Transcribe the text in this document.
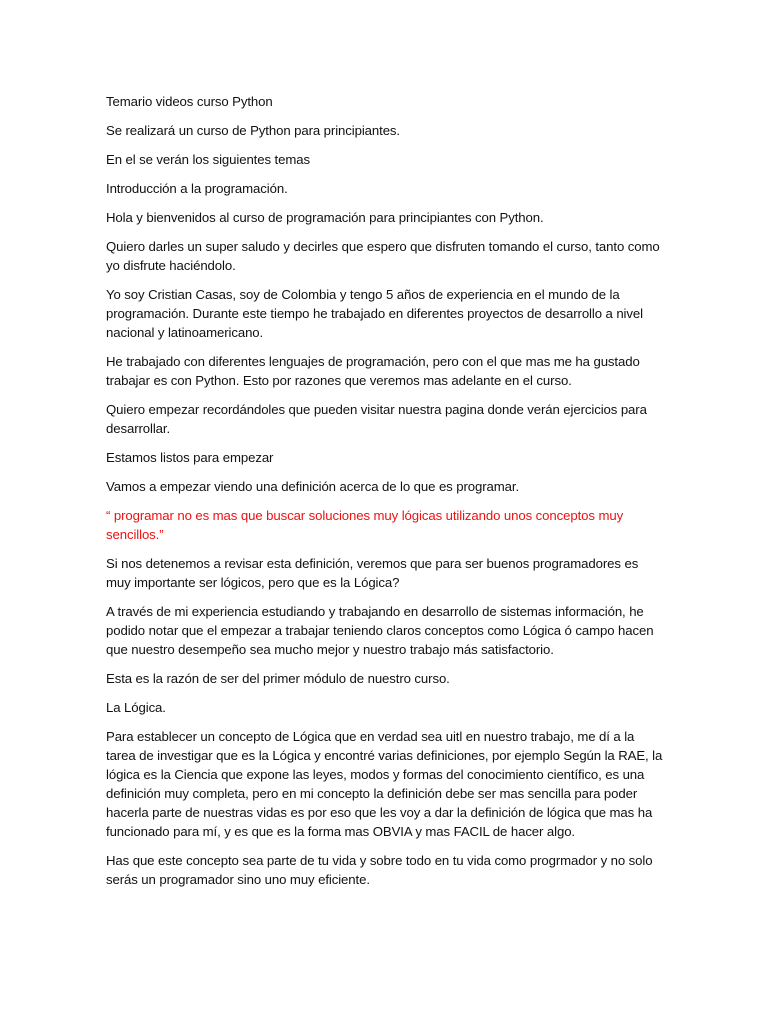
Temario videos curso Python

Se realizará un curso de Python para principiantes.

En el se verán los siguientes temas

Introducción a la programación.

Hola y bienvenidos al curso de programación para principiantes con Python.

Quiero darles un super saludo y decirles que espero que disfruten tomando el curso, tanto como yo disfrute haciéndolo.

Yo soy Cristian Casas, soy de Colombia y tengo 5 años de experiencia en el mundo de la programación. Durante este tiempo he trabajado en diferentes proyectos de desarrollo a nivel nacional y latinoamericano.

He trabajado con diferentes lenguajes de programación, pero con el que mas me ha gustado trabajar es con Python. Esto por razones que veremos mas adelante en el curso.

Quiero empezar recordándoles que pueden visitar nuestra pagina donde verán ejercicios para desarrollar.

Estamos listos para empezar

Vamos a empezar viendo una definición acerca de lo que es programar.

“ programar no es mas que buscar soluciones muy lógicas utilizando unos conceptos muy sencillos.”

Si nos detenemos a revisar esta definición, veremos que para ser buenos programadores es muy importante ser lógicos, pero que es la Lógica?

A través de mi experiencia estudiando y trabajando en desarrollo de sistemas información, he podido notar que el empezar a trabajar teniendo claros conceptos como Lógica ó campo hacen que nuestro desempeño sea mucho mejor y nuestro trabajo más satisfactorio.

Esta es la razón de ser del primer módulo de nuestro curso.

La Lógica.

Para establecer un concepto de Lógica que en verdad sea uitl en nuestro trabajo, me dí a la tarea de investigar que es la Lógica y encontré varias definiciones, por ejemplo Según la RAE, la lógica es la Ciencia que expone las leyes, modos y formas del conocimiento científico, es una definición muy completa, pero en mi concepto la definición debe ser mas sencilla para poder hacerla parte de nuestras vidas es por eso que les voy a dar la definición de lógica que mas ha funcionado para mí, y es que es la forma mas OBVIA y mas FACIL de hacer algo.

Has que este concepto sea parte de tu vida y sobre todo en tu vida como progrmador y no solo serás un programador sino uno muy eficiente.
